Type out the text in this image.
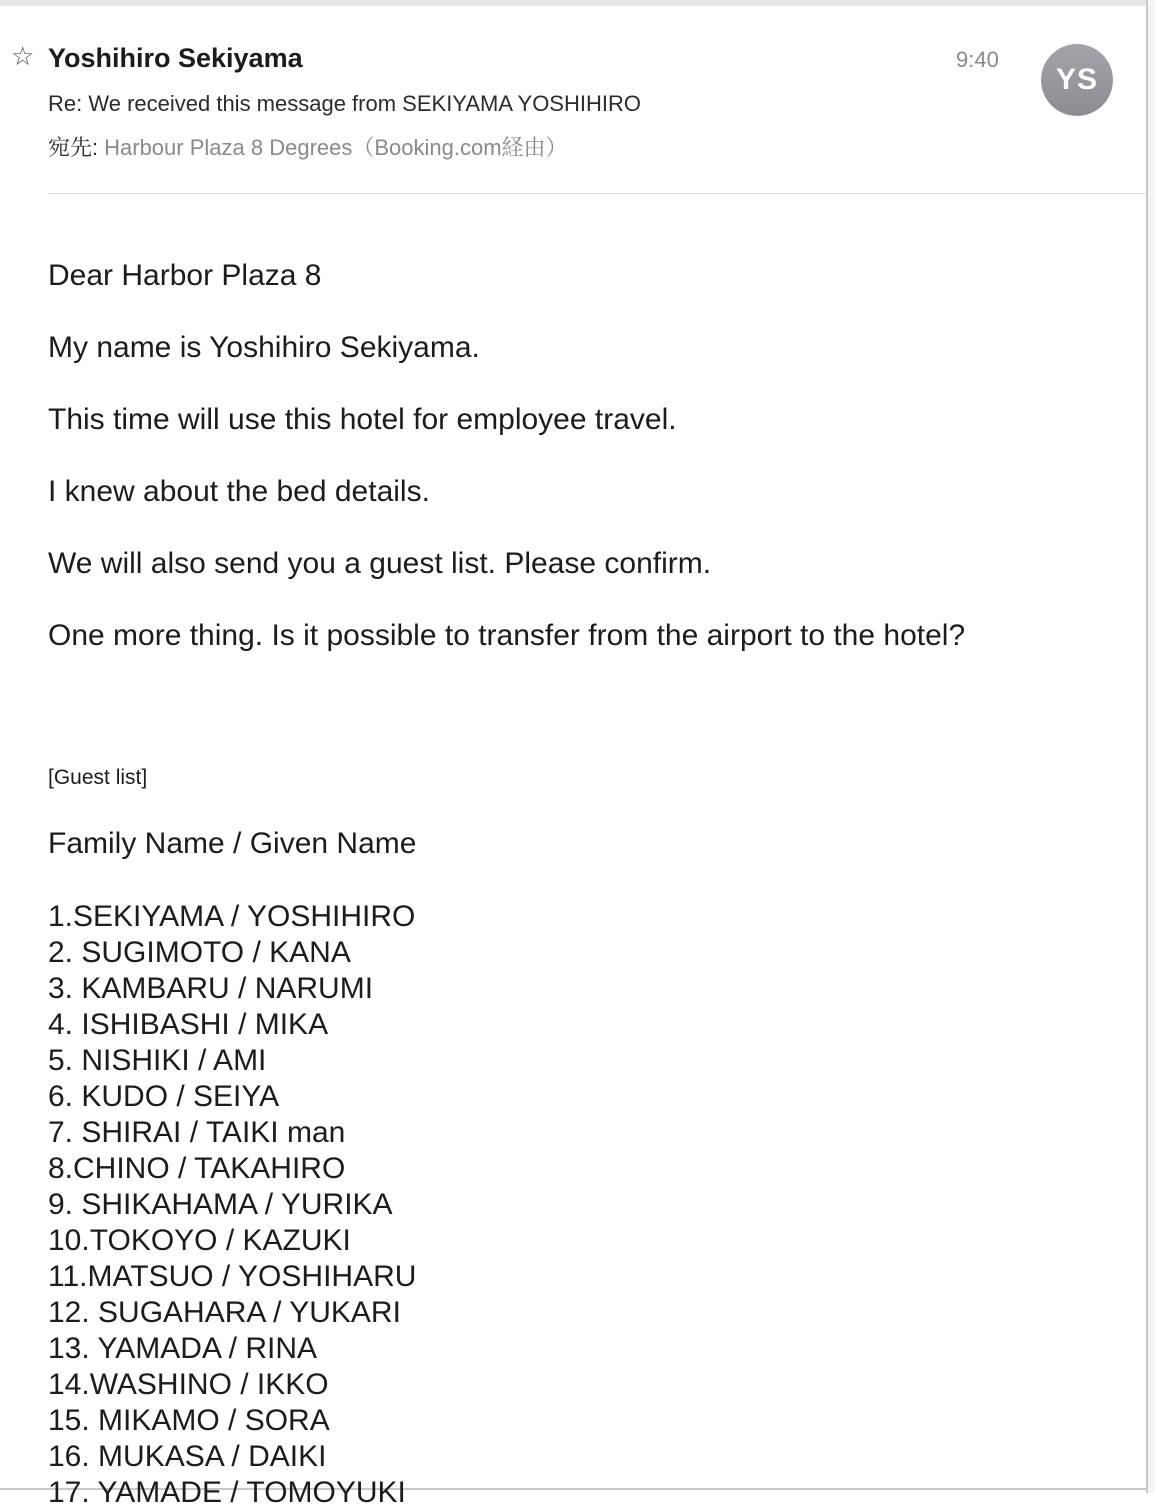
☆ Yoshihiro Sekiyama
Re: We received this message from SEKIYAMA YOSHIHIRO
宛先: Harbour Plaza 8 Degrees（Booking.com経由）
9:40
YS
Dear Harbor Plaza 8
My name is Yoshihiro Sekiyama.
This time will use this hotel for employee travel.
I knew about the bed details.
We will also send you a guest list. Please confirm.
One more thing. Is it possible to transfer from the airport to the hotel?
[Guest list]
Family Name / Given Name
1.SEKIYAMA / YOSHIHIRO
2. SUGIMOTO / KANA
3. KAMBARU / NARUMI
4. ISHIBASHI / MIKA
5. NISHIKI / AMI
6. KUDO / SEIYA
7. SHIRAI / TAIKI man
8.CHINO / TAKAHIRO
9. SHIKAHAMA / YURIKA
10.TOKOYO / KAZUKI
11.MATSUO / YOSHIHARU
12. SUGAHARA / YUKARI
13. YAMADA / RINA
14.WASHINO / IKKO
15. MIKAMO / SORA
16. MUKASA / DAIKI
17. YAMADE / TOMOYUKI
